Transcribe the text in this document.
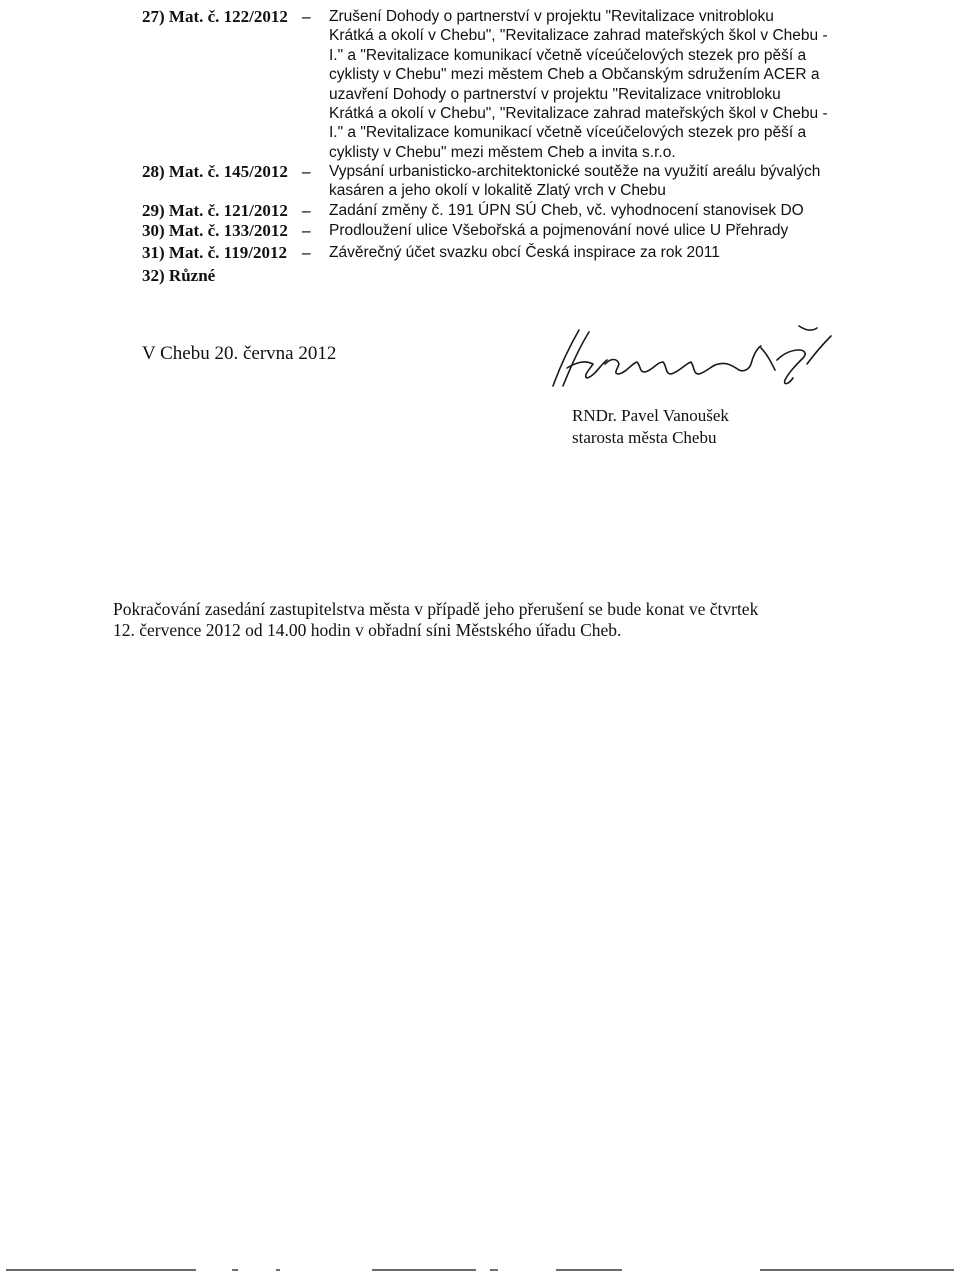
27) Mat. č. 122/2012 – Zrušení Dohody o partnerství v projektu "Revitalizace vnitrobloku
Krátká a okolí v Chebu", "Revitalizace zahrad mateřských škol v Chebu -
I." a "Revitalizace komunikací včetně víceúčelových stezek pro pěší a
cyklisty v Chebu" mezi městem Cheb a Občanským sdružením ACER a
uzavření Dohody o partnerství v projektu "Revitalizace vnitrobloku
Krátká a okolí v Chebu", "Revitalizace zahrad mateřských škol v Chebu -
I." a "Revitalizace komunikací včetně víceúčelových stezek pro pěší a
cyklisty v Chebu" mezi městem Cheb a invita s.r.o.
28) Mat. č. 145/2012 – Vypsání urbanisticko-architektonické soutěže na využití areálu bývalých
kasáren a jeho okolí v lokalitě Zlatý vrch v Chebu
29) Mat. č. 121/2012 – Zadání změny č. 191 ÚPN SÚ Cheb, vč. vyhodnocení stanovisek DO
30) Mat. č. 133/2012 – Prodloužení ulice Všebořská a pojmenování nové ulice U Přehrady
31) Mat. č. 119/2012 – Závěrečný účet svazku obcí Česká inspirace za rok 2011
32) Různé
V Chebu 20. června 2012
RNDr. Pavel Vanoušek
starosta města Chebu
Pokračování zasedání zastupitelstva města v případě jeho přerušení se bude konat ve čtvrtek
12. července 2012 od 14.00 hodin v obřadní síni Městského úřadu Cheb.
